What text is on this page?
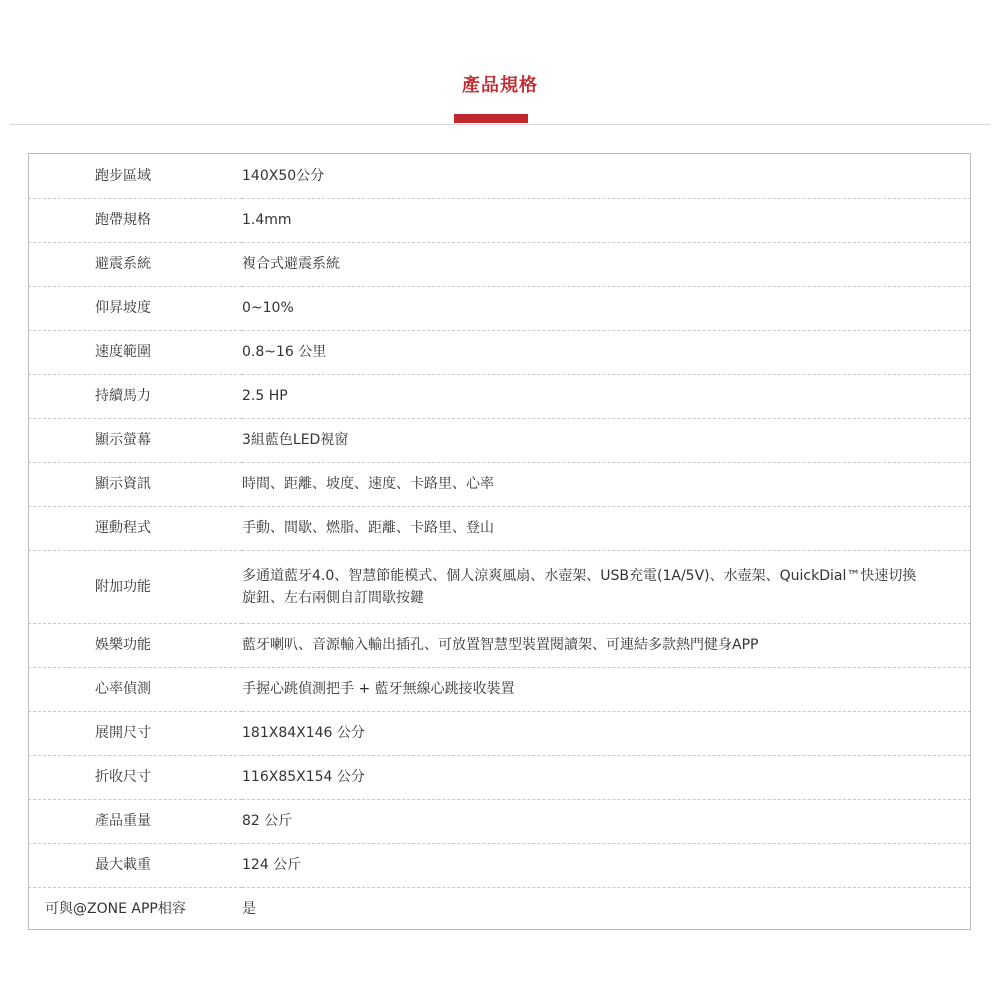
產品規格
跑步區域	140X50公分
跑帶規格	1.4mm
避震系統	複合式避震系統
仰昇坡度	0~10%
速度範圍	0.8~16 公里
持續馬力	2.5 HP
顯示螢幕	3組藍色LED視窗
顯示資訊	時間、距離、坡度、速度、卡路里、心率
運動程式	手動、間歇、燃脂、距離、卡路里、登山
附加功能	多通道藍牙4.0、智慧節能模式、個人涼爽風扇、水壺架、USB充電(1A/5V)、水壺架、QuickDial™快速切換旋鈕、左右兩側自訂間歇按鍵

娛樂功能	藍牙喇叭、音源輸入輸出插孔、可放置智慧型裝置閱讀架、可連結多款熱門健身APP
心率偵測	手握心跳偵測把手 + 藍牙無線心跳接收裝置
展開尺寸	181X84X146 公分
折收尺寸	116X85X154 公分
產品重量	82 公斤
最大載重	124 公斤
可與@ZONE APP相容	是
